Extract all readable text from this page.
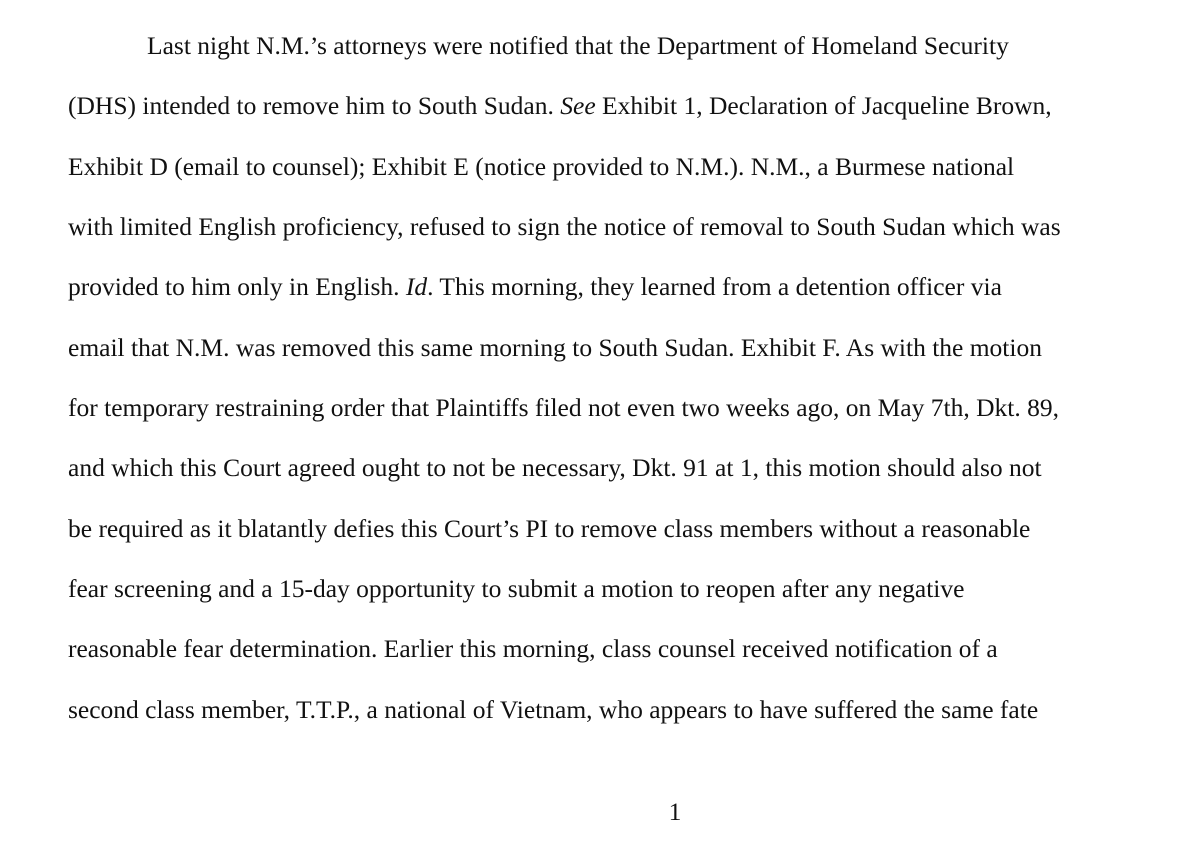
Last night N.M.’s attorneys were notified that the Department of Homeland Security
(DHS) intended to remove him to South Sudan. See Exhibit 1, Declaration of Jacqueline Brown,
Exhibit D (email to counsel); Exhibit E (notice provided to N.M.). N.M., a Burmese national
with limited English proficiency, refused to sign the notice of removal to South Sudan which was
provided to him only in English. Id. This morning, they learned from a detention officer via
email that N.M. was removed this same morning to South Sudan. Exhibit F. As with the motion
for temporary restraining order that Plaintiffs filed not even two weeks ago, on May 7th, Dkt. 89,
and which this Court agreed ought to not be necessary, Dkt. 91 at 1, this motion should also not
be required as it blatantly defies this Court’s PI to remove class members without a reasonable
fear screening and a 15-day opportunity to submit a motion to reopen after any negative
reasonable fear determination. Earlier this morning, class counsel received notification of a
second class member, T.T.P., a national of Vietnam, who appears to have suffered the same fate
1
